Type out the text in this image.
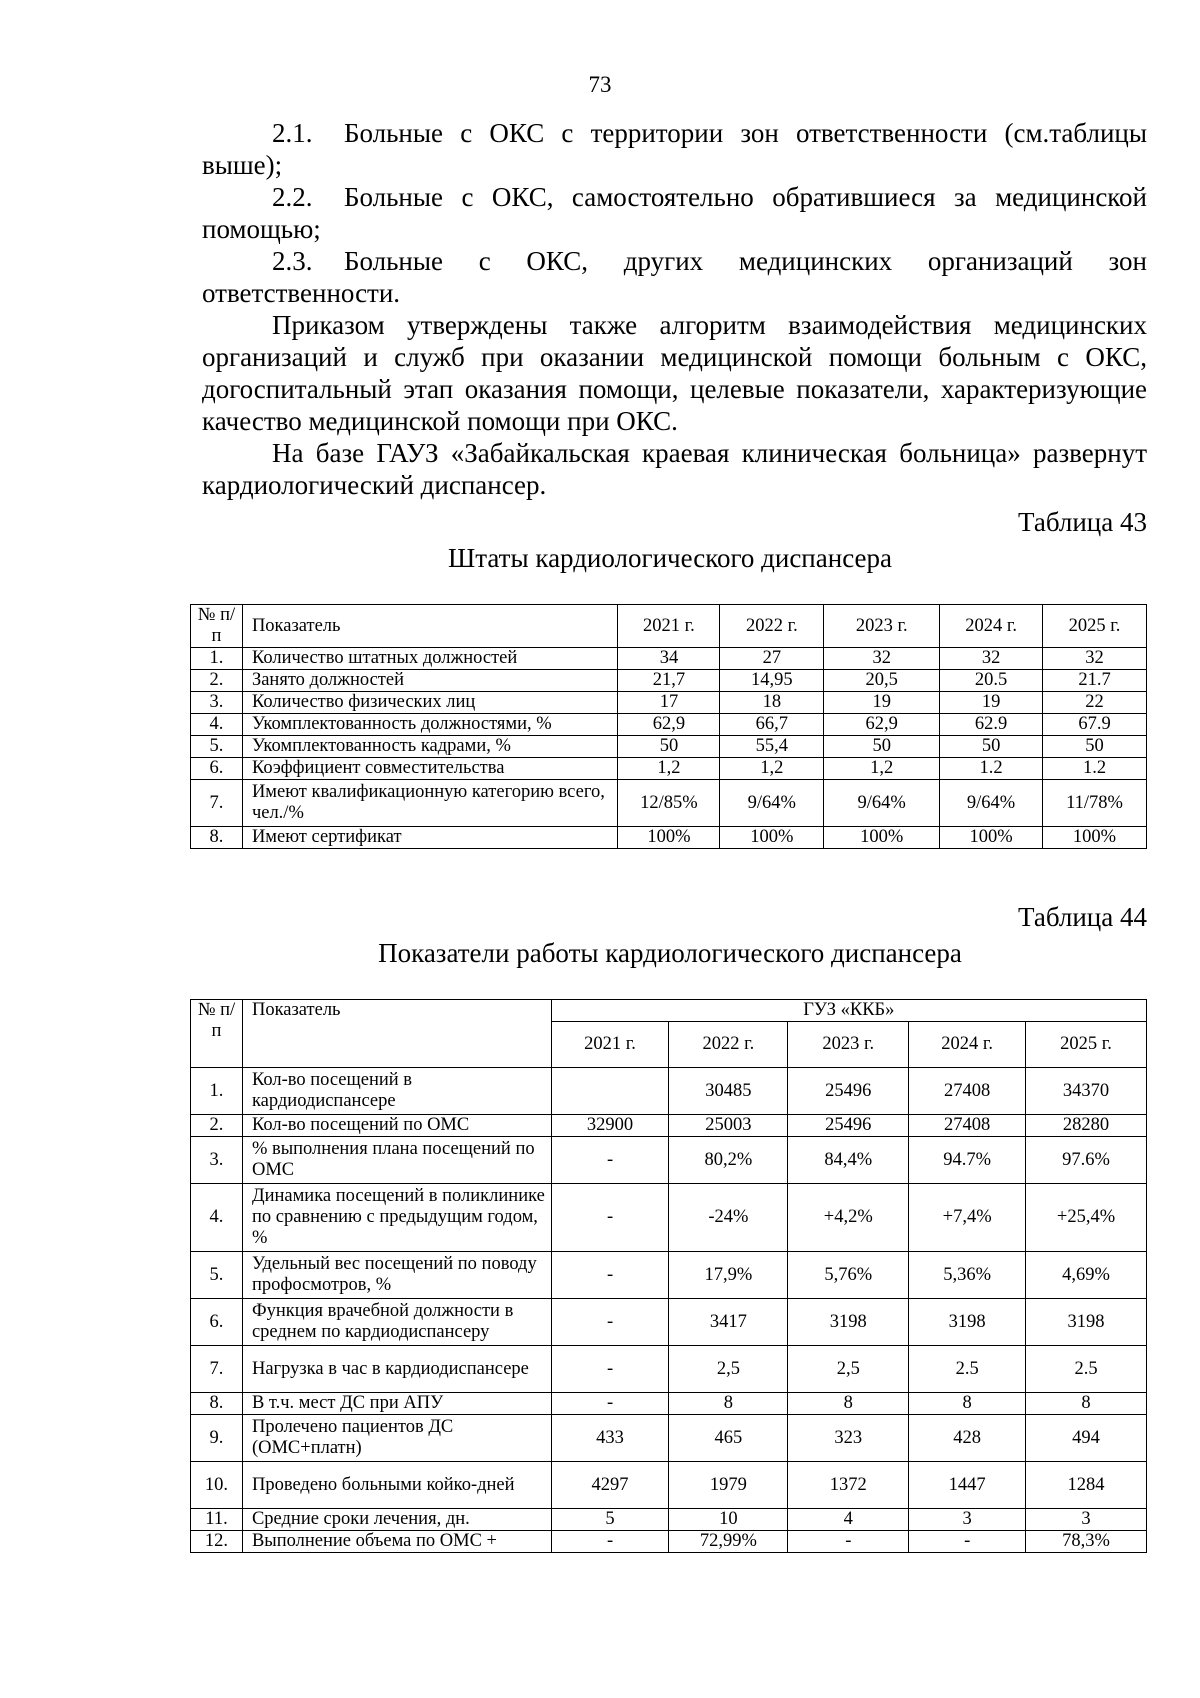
73

2.1. Больные с ОКС с территории зон ответственности (см.таблицы выше);

2.2. Больные с ОКС, самостоятельно обратившиеся за медицинской помощью;

2.3. Больные с ОКС, других медицинских организаций зон ответственности.

Приказом утверждены также алгоритм взаимодействия медицинских организаций и служб при оказании медицинской помощи больным с ОКС, догоспитальный этап оказания помощи, целевые показатели, характеризующие качество медицинской помощи при ОКС.

На базе ГАУЗ «Забайкальская краевая клиническая больница» развернут кардиологический диспансер.

Таблица 43
Штаты кардиологического диспансера
№ п/п	Показатель	2021 г.	2022 г.	2023 г.	2024 г.	2025 г.
1.	Количество штатных должностей	34	27	32	32	32
2.	Занято должностей	21,7	14,95	20,5	20.5	21.7
3.	Количество физических лиц	17	18	19	19	22
4.	Укомплектованность должностями, %	62,9	66,7	62,9	62.9	67.9
5.	Укомплектованность кадрами, %	50	55,4	50	50	50
6.	Коэффициент совместительства	1,2	1,2	1,2	1.2	1.2
7.	Имеют квалификационную категорию всего, чел./%	12/85%	9/64%	9/64%	9/64%	11/78%
8.	Имеют сертификат	100%	100%	100%	100%	100%
Таблица 44
Показатели работы кардиологического диспансера
№ п/п	Показатель	ГУЗ «ККБ»				
		2021 г.	2022 г.	2023 г.	2024 г.	2025 г.
1.	Кол-во посещений в кардиодиспансере		30485	25496	27408	34370
2.	Кол-во посещений по ОМС	32900	25003	25496	27408	28280
3.	% выполнения плана посещений по ОМС	-	80,2%	84,4%	94.7%	97.6%
4.	Динамика посещений в поликлинике по сравнению с предыдущим годом, %	-	-24%	+4,2%	+7,4%	+25,4%
5.	Удельный вес посещений по поводу профосмотров, %	-	17,9%	5,76%	5,36%	4,69%
6.	Функция врачебной должности в среднем по кардиодиспансеру	-	3417	3198	3198	3198
7.	Нагрузка в час в кардиодиспансере	-	2,5	2,5	2.5	2.5
8.	В т.ч. мест ДС при АПУ	-	8	8	8	8
9.	Пролечено пациентов ДС (ОМС+платн)	433	465	323	428	494
10.	Проведено больными койко-дней	4297	1979	1372	1447	1284
11.	Средние сроки лечения, дн.	5	10	4	3	3
12.	Выполнение объема по ОМС +	-	72,99%	-	-	78,3%
